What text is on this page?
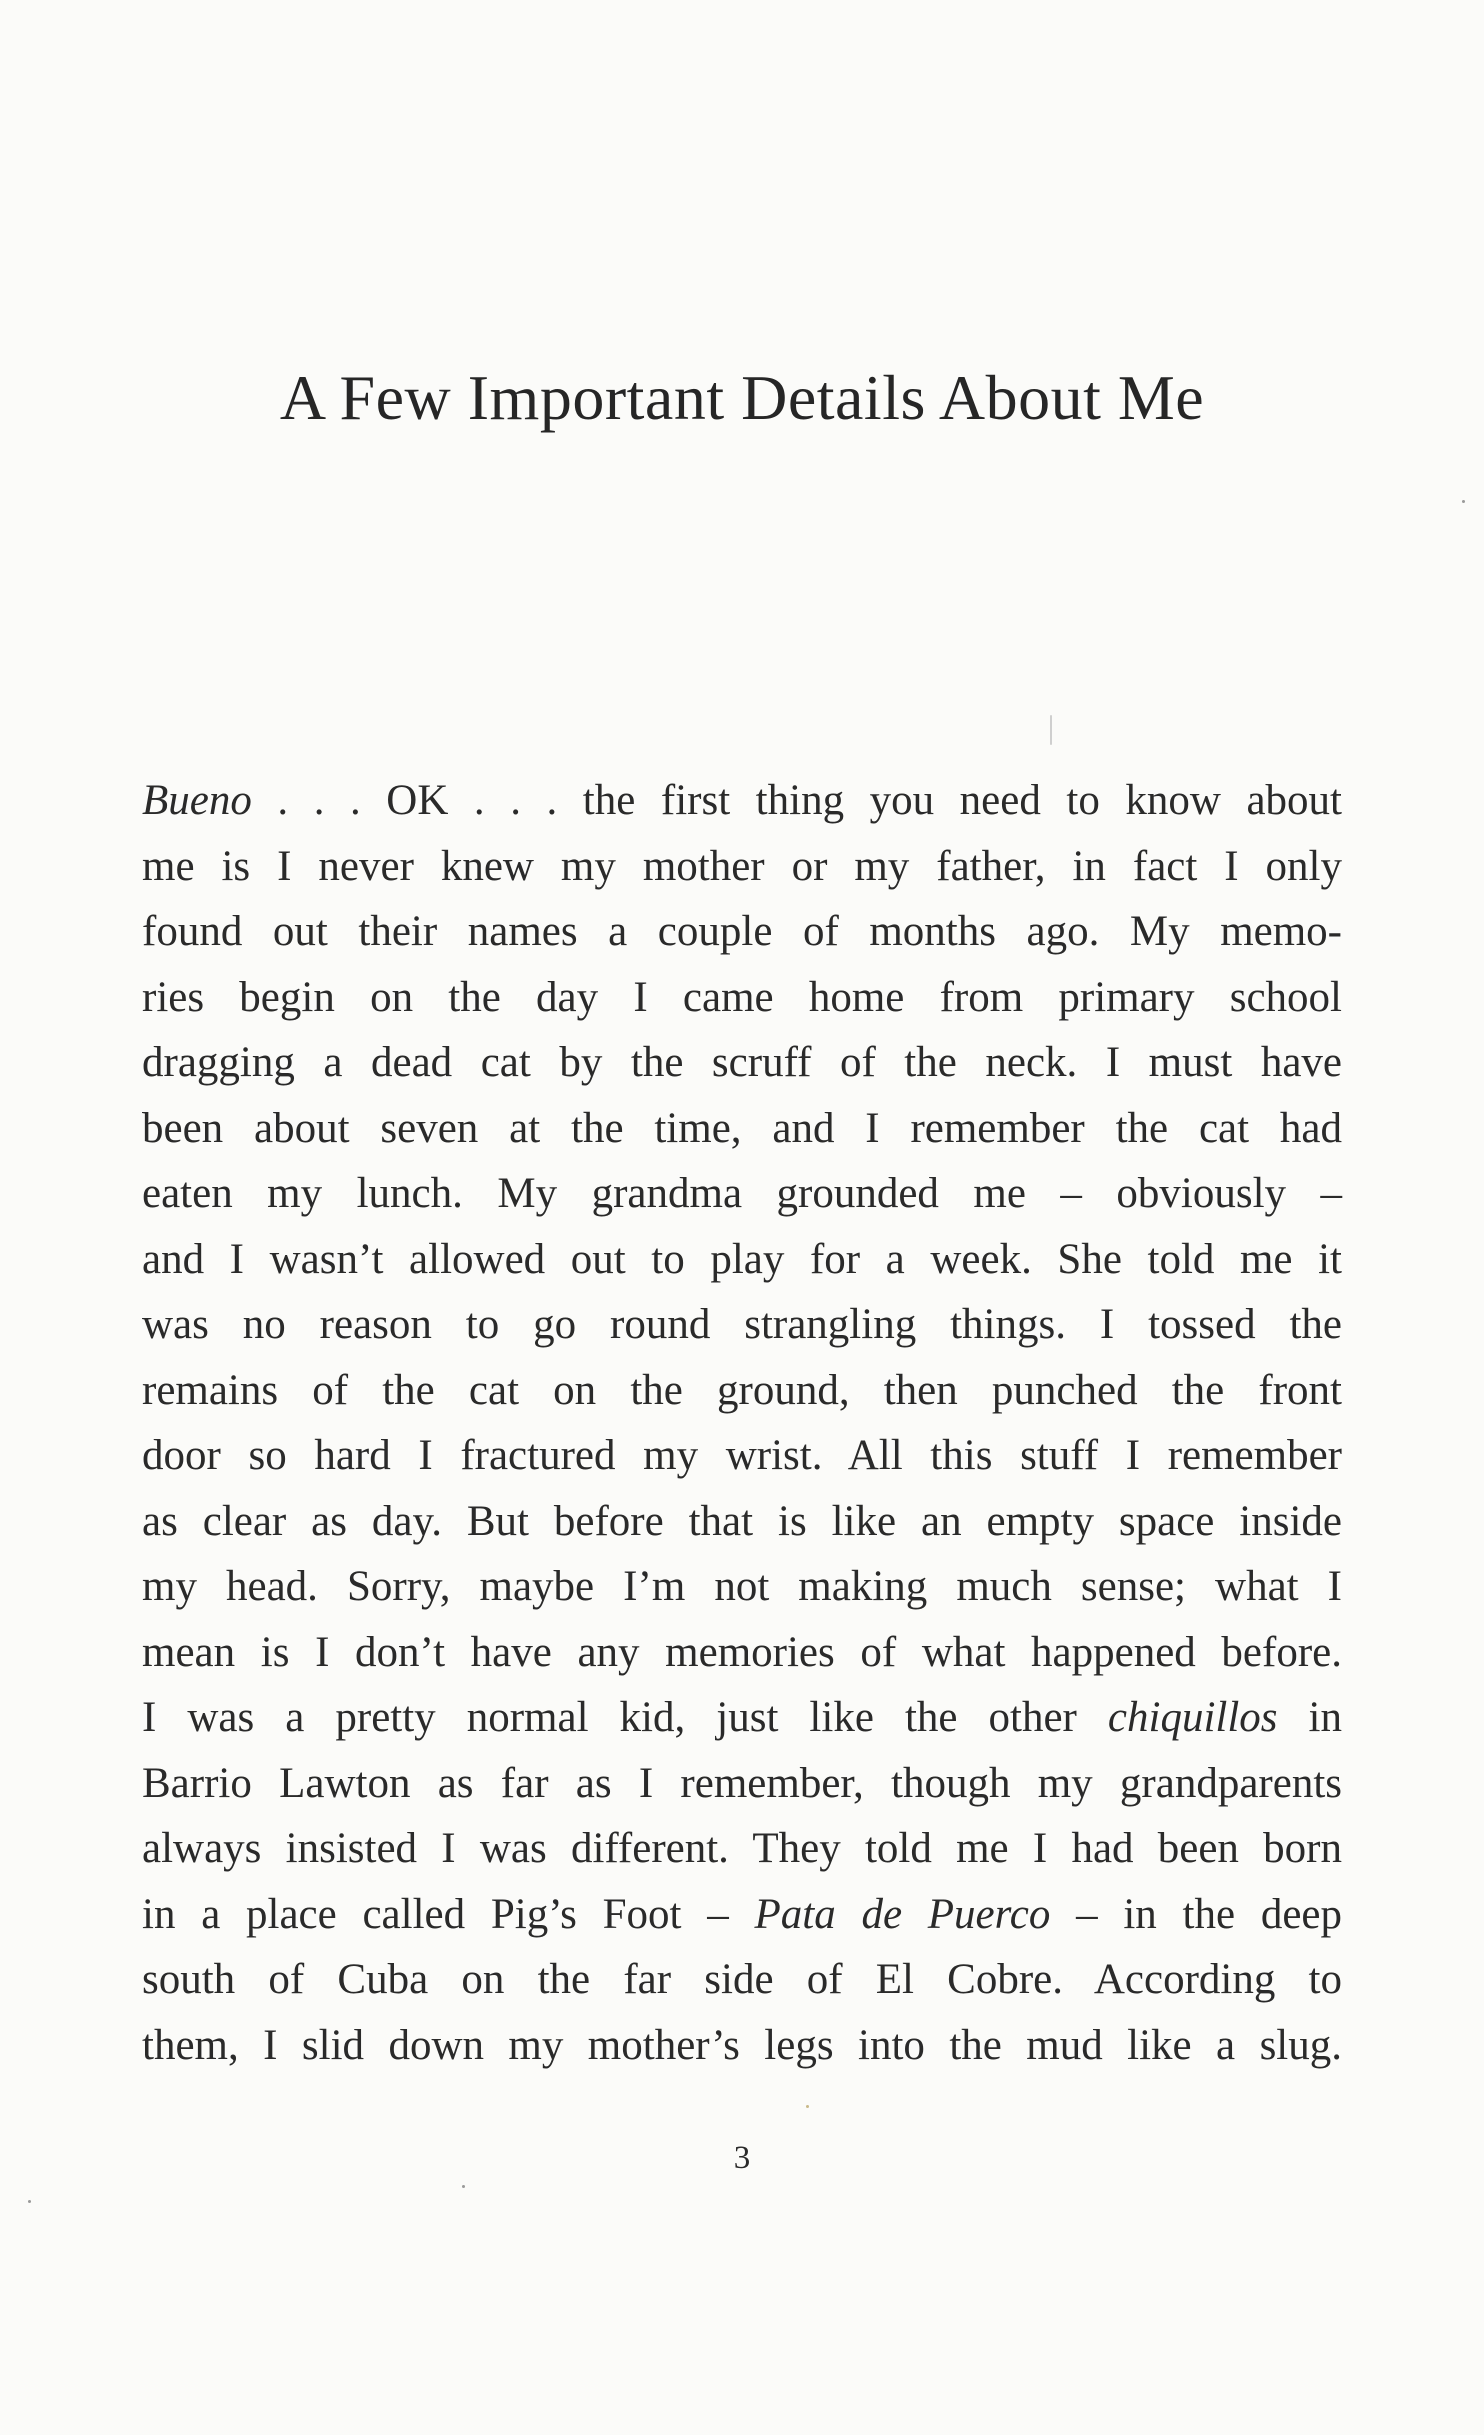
A Few Important Details About Me
Bueno . . . OK . . . the first thing you need to know about
me is I never knew my mother or my father, in fact I only
found out their names a couple of months ago. My memo-
ries begin on the day I came home from primary school
dragging a dead cat by the scruff of the neck. I must have
been about seven at the time, and I remember the cat had
eaten my lunch. My grandma grounded me – obviously –
and I wasn’t allowed out to play for a week. She told me it
was no reason to go round strangling things. I tossed the
remains of the cat on the ground, then punched the front
door so hard I fractured my wrist. All this stuff I remember
as clear as day. But before that is like an empty space inside
my head. Sorry, maybe I’m not making much sense; what I
mean is I don’t have any memories of what happened before.
I was a pretty normal kid, just like the other chiquillos in
Barrio Lawton as far as I remember, though my grandparents
always insisted I was different. They told me I had been born
in a place called Pig’s Foot – Pata de Puerco – in the deep
south of Cuba on the far side of El Cobre. According to
them, I slid down my mother’s legs into the mud like a slug.
3
